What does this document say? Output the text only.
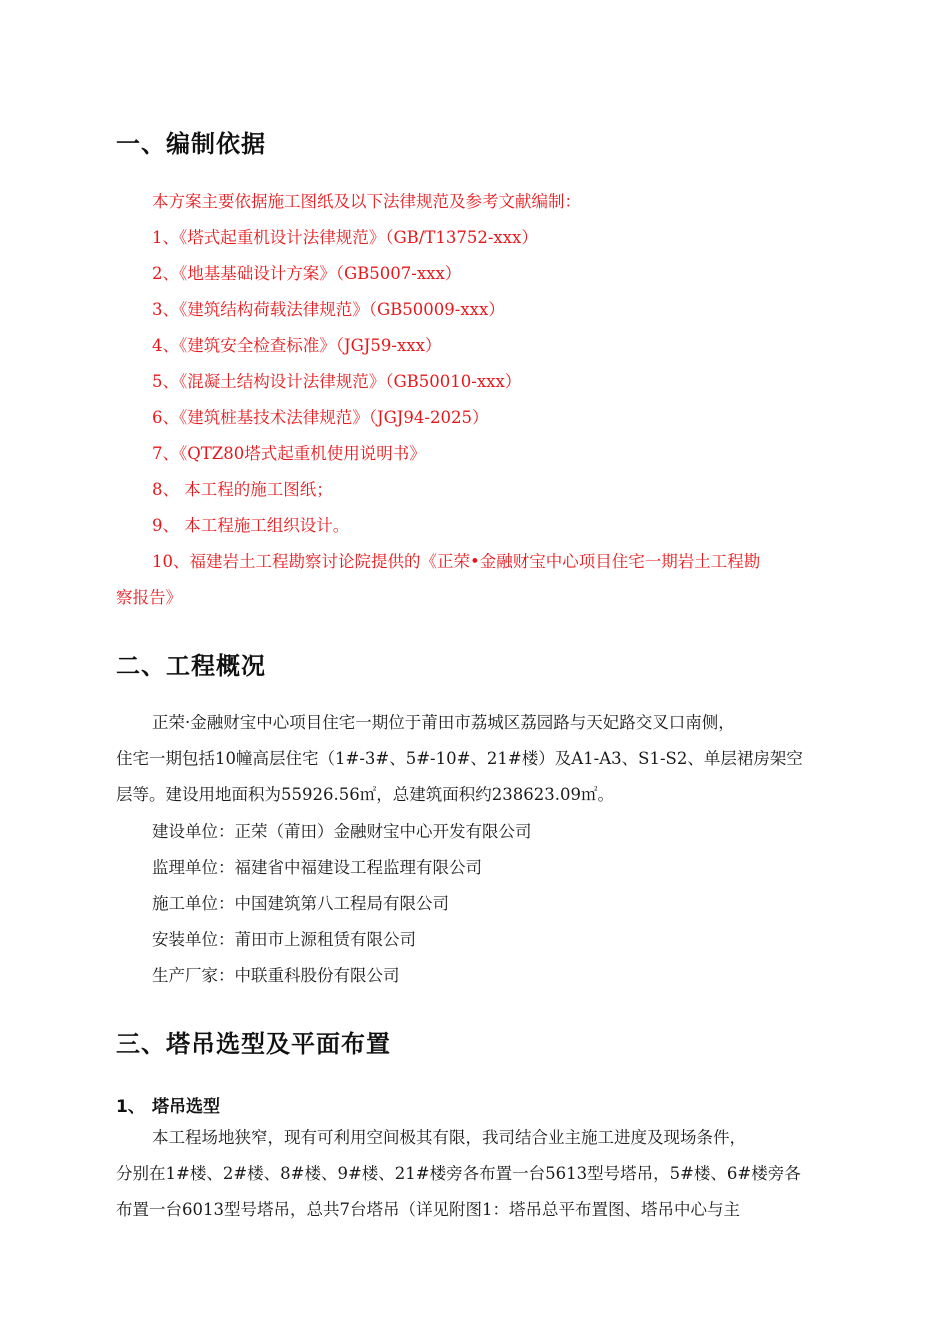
一、编制依据
本方案主要依据施工图纸及以下法律规范及参考文献编制：
1、《塔式起重机设计法律规范》（GB/T13752-xxx）
2、《地基基础设计方案》（GB5007-xxx）
3、《建筑结构荷载法律规范》（GB50009-xxx）
4、《建筑安全检查标准》（JGJ59-xxx）
5、《混凝土结构设计法律规范》（GB50010-xxx）
6、《建筑桩基技术法律规范》（JGJ94-2025）
7、《QTZ80塔式起重机使用说明书》
8、 本工程的施工图纸；
9、 本工程施工组织设计。
10、福建岩土工程勘察讨论院提供的《正荣•金融财宝中心项目住宅一期岩土工程勘
察报告》
二、工程概况
正荣·金融财宝中心项目住宅一期位于莆田市荔城区荔园路与天妃路交叉口南侧，
住宅一期包括10幢高层住宅（1#-3#、5#-10#、21#楼）及A1-A3、S1-S2、单层裙房架空
层等。建设用地面积为55926.56㎡，总建筑面积约238623.09㎡。
建设单位：正荣（莆田）金融财宝中心开发有限公司
监理单位：福建省中福建设工程监理有限公司
施工单位：中国建筑第八工程局有限公司
安装单位：莆田市上源租赁有限公司
生产厂家：中联重科股份有限公司
三、塔吊选型及平面布置
1、 塔吊选型
本工程场地狭窄，现有可利用空间极其有限，我司结合业主施工进度及现场条件，
分别在1#楼、2#楼、8#楼、9#楼、21#楼旁各布置一台5613型号塔吊，5#楼、6#楼旁各
布置一台6013型号塔吊，总共7台塔吊（详见附图1：塔吊总平布置图、塔吊中心与主
